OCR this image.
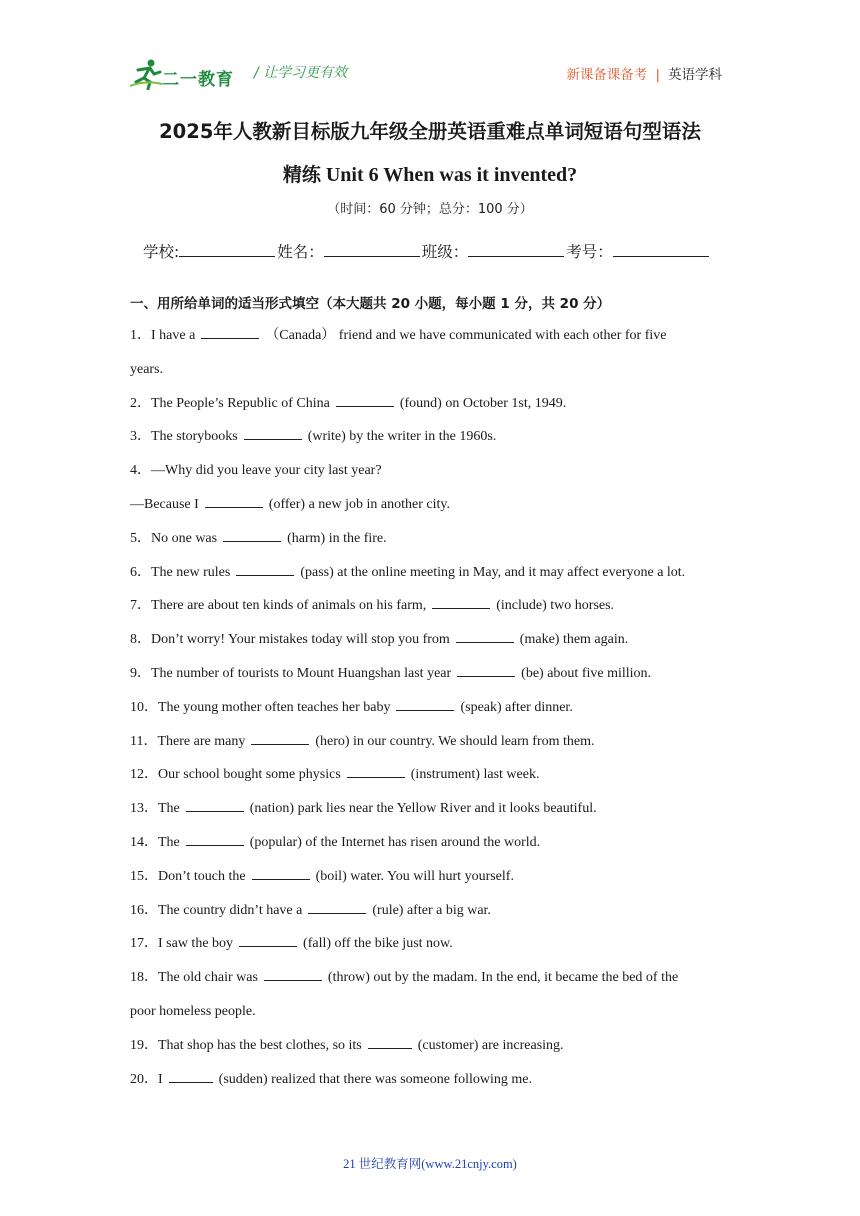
二一教育 / 让学习更有效	新课备课备考 | 英语学科
2025年人教新目标版九年级全册英语重难点单词短语句型语法
精练 Unit 6 When was it invented?
（时间：60 分钟；总分：100 分）
学校:	姓名：	班级：	考号：
一、用所给单词的适当形式填空（本大题共 20 小题，每小题 1 分，共 20 分）
1．I have a	（Canada） friend and we have communicated with each other for five
years.
2．The People’s Republic of China	(found) on October 1st, 1949.
3．The storybooks	(write) by the writer in the 1960s.
4．—Why did you leave your city last year?
—Because I	(offer) a new job in another city.
5．No one was	(harm) in the fire.
6．The new rules	(pass) at the online meeting in May, and it may affect everyone a lot.
7．There are about ten kinds of animals on his farm,	(include) two horses.
8．Don’t worry! Your mistakes today will stop you from	(make) them again.
9．The number of tourists to Mount Huangshan last year	(be) about five million.
10．The young mother often teaches her baby	(speak) after dinner.
11．There are many	(hero) in our country. We should learn from them.
12．Our school bought some physics	(instrument) last week.
13．The	(nation) park lies near the Yellow River and it looks beautiful.
14．The	(popular) of the Internet has risen around the world.
15．Don’t touch the	(boil) water. You will hurt yourself.
16．The country didn’t have a	(rule) after a big war.
17．I saw the boy	(fall) off the bike just now.
18．The old chair was	(throw) out by the madam. In the end, it became the bed of the
poor homeless people.
19．That shop has the best clothes, so its	(customer) are increasing.
20．I	(sudden) realized that there was someone following me.
21 世纪教育网(www.21cnjy.com)
